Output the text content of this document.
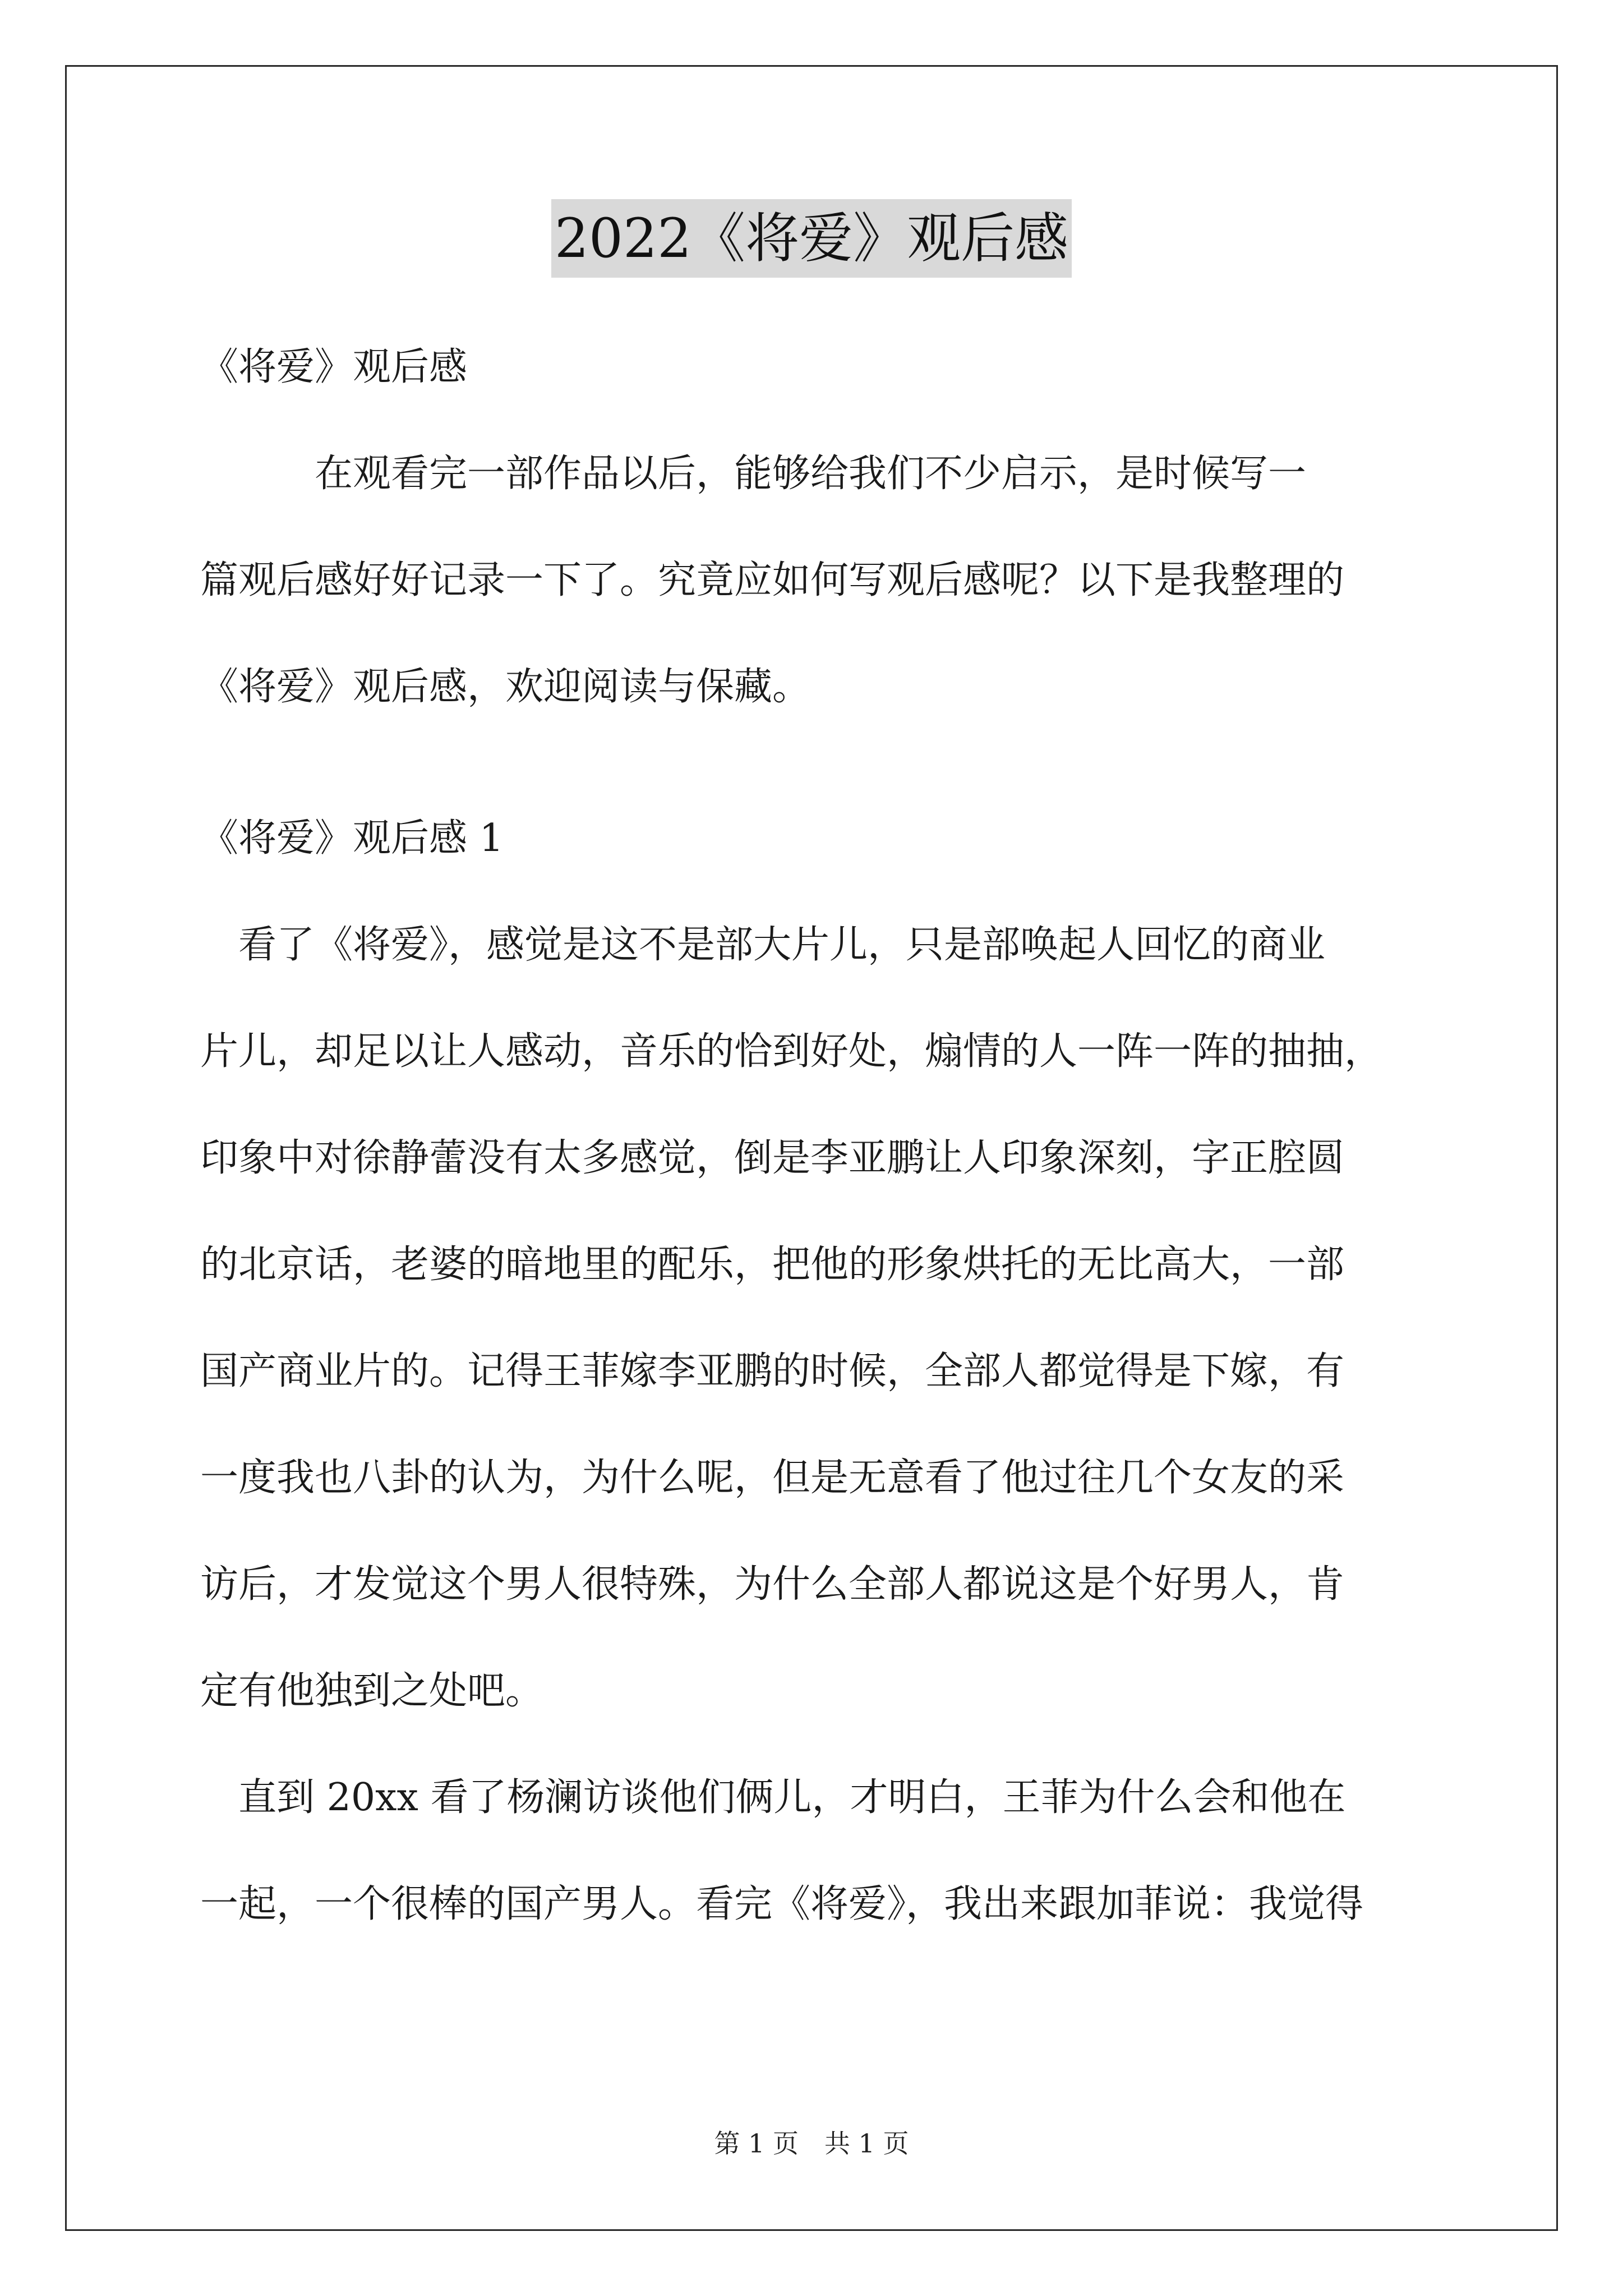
2022《将爱》观后感
《将爱》观后感
　　　在观看完一部作品以后，能够给我们不少启示，是时候写一
篇观后感好好记录一下了。究竟应如何写观后感呢？以下是我整理的
《将爱》观后感，欢迎阅读与保藏。
《将爱》观后感 1
　看了《将爱》，感觉是这不是部大片儿，只是部唤起人回忆的商业
片儿，却足以让人感动，音乐的恰到好处，煽情的人一阵一阵的抽抽，
印象中对徐静蕾没有太多感觉，倒是李亚鹏让人印象深刻，字正腔圆
的北京话，老婆的暗地里的配乐，把他的形象烘托的无比高大，一部
国产商业片的。记得王菲嫁李亚鹏的时候，全部人都觉得是下嫁，有
一度我也八卦的认为，为什么呢，但是无意看了他过往几个女友的采
访后，才发觉这个男人很特殊，为什么全部人都说这是个好男人，肯
定有他独到之处吧。
　直到 20xx 看了杨澜访谈他们俩儿，才明白，王菲为什么会和他在
一起，一个很棒的国产男人。看完《将爱》，我出来跟加菲说：我觉得
第 1 页　共 1 页
